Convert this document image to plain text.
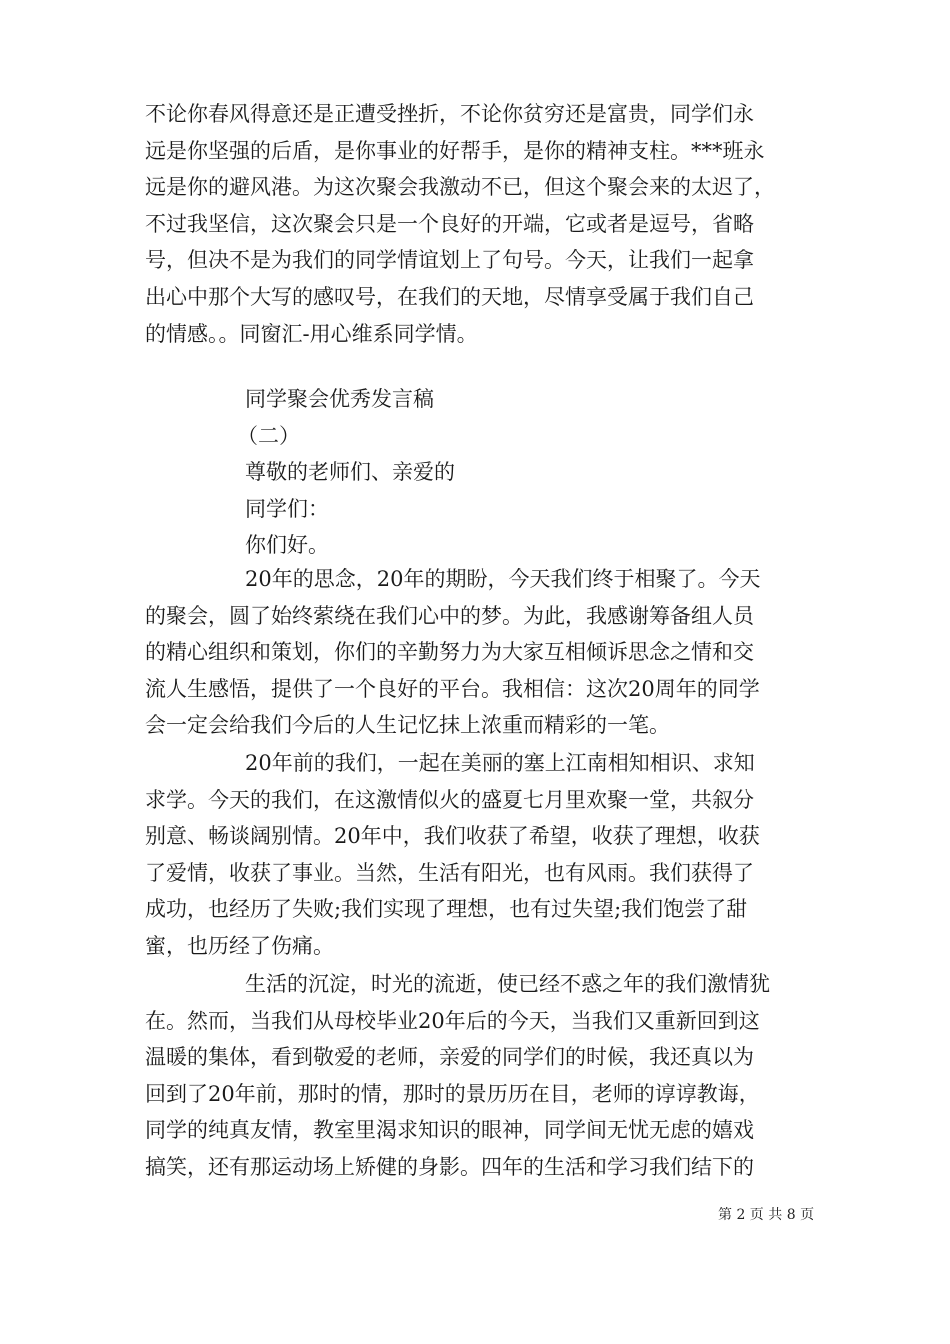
不论你春风得意还是正遭受挫折，不论你贫穷还是富贵，同学们永
远是你坚强的后盾，是你事业的好帮手，是你的精神支柱。***班永
远是你的避风港。为这次聚会我激动不已，但这个聚会来的太迟了，
不过我坚信，这次聚会只是一个良好的开端，它或者是逗号，省略
号，但决不是为我们的同学情谊划上了句号。今天，让我们一起拿
出心中那个大写的感叹号，在我们的天地，尽情享受属于我们自己
的情感。。同窗汇-用心维系同学情。
同学聚会优秀发言稿
（二）
尊敬的老师们、亲爱的
同学们：
你们好。
20年的思念，20年的期盼，今天我们终于相聚了。今天
的聚会，圆了始终萦绕在我们心中的梦。为此，我感谢筹备组人员
的精心组织和策划，你们的辛勤努力为大家互相倾诉思念之情和交
流人生感悟，提供了一个良好的平台。我相信：这次20周年的同学
会一定会给我们今后的人生记忆抹上浓重而精彩的一笔。
20年前的我们，一起在美丽的塞上江南相知相识、求知
求学。今天的我们，在这激情似火的盛夏七月里欢聚一堂，共叙分
别意、畅谈阔别情。20年中，我们收获了希望，收获了理想，收获
了爱情，收获了事业。当然，生活有阳光，也有风雨。我们获得了
成功，也经历了失败;我们实现了理想，也有过失望;我们饱尝了甜
蜜，也历经了伤痛。
生活的沉淀，时光的流逝，使已经不惑之年的我们激情犹
在。然而，当我们从母校毕业20年后的今天，当我们又重新回到这
温暖的集体，看到敬爱的老师，亲爱的同学们的时候，我还真以为
回到了20年前，那时的情，那时的景历历在目，老师的谆谆教诲，
同学的纯真友情，教室里渴求知识的眼神，同学间无忧无虑的嬉戏
搞笑，还有那运动场上矫健的身影。四年的生活和学习我们结下的
第 2 页 共 8 页
